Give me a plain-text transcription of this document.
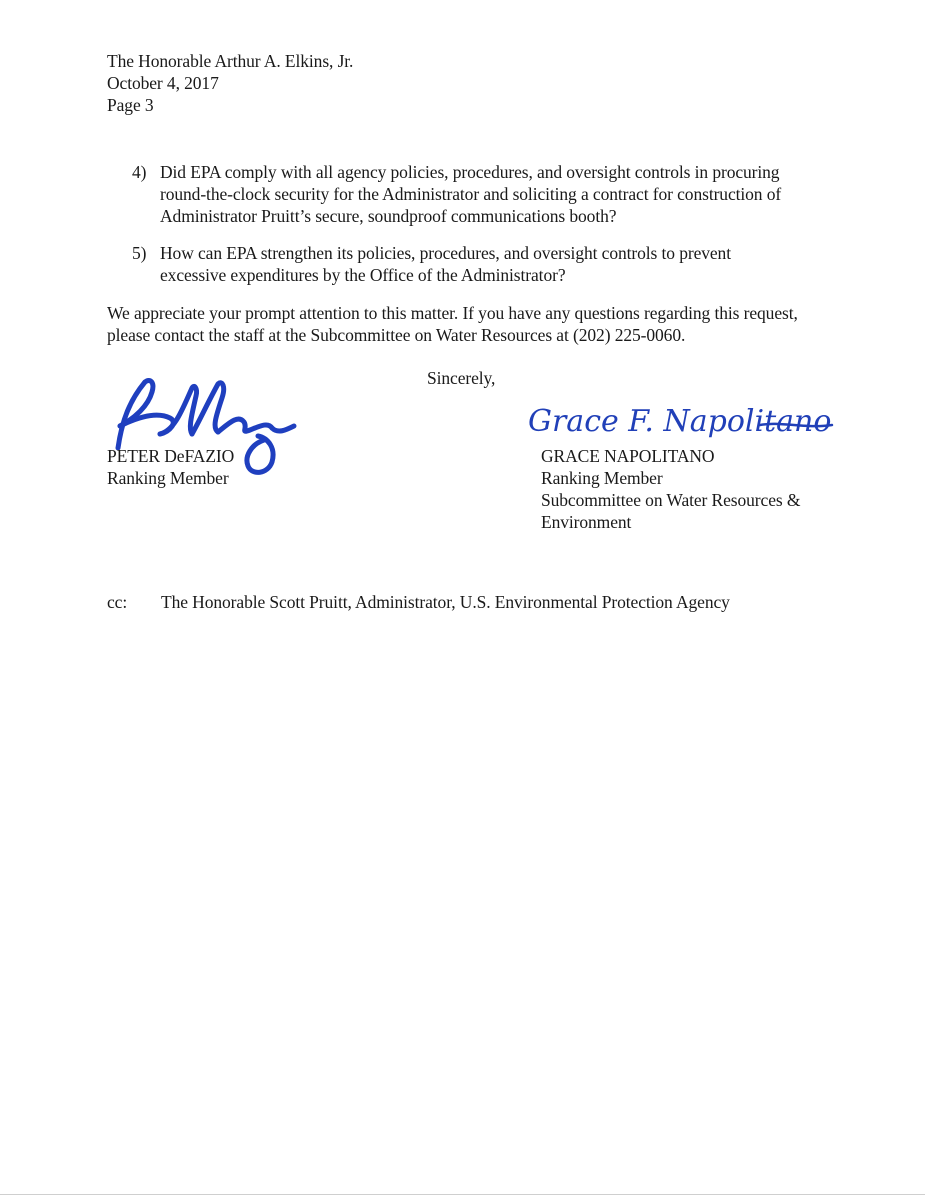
The Honorable Arthur A. Elkins, Jr.
October 4, 2017
Page 3
4) Did EPA comply with all agency policies, procedures, and oversight controls in procuring
round-the-clock security for the Administrator and soliciting a contract for construction of
Administrator Pruitt’s secure, soundproof communications booth?
5) How can EPA strengthen its policies, procedures, and oversight controls to prevent
excessive expenditures by the Office of the Administrator?
We appreciate your prompt attention to this matter. If you have any questions regarding this request,
please contact the staff at the Subcommittee on Water Resources at (202) 225-0060.
Sincerely,
PETER DeFAZIO
Ranking Member
Grace F. Napolitano
GRACE NAPOLITANO
Ranking Member
Subcommittee on Water Resources &
Environment
cc: The Honorable Scott Pruitt, Administrator, U.S. Environmental Protection Agency
